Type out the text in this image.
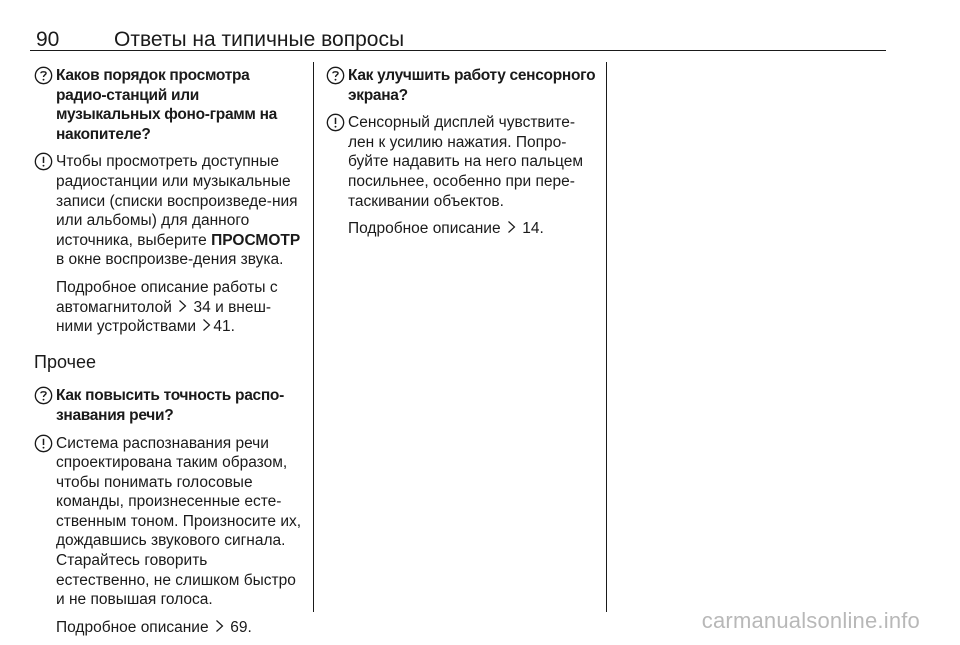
90	Ответы на типичные вопросы
Каков порядок просмотра радио-станций или музыкальных фоно-грамм на накопителе?
Чтобы просмотреть доступные радиостанции или музыкальные записи (списки воспроизведе-ния или альбомы) для данного источника, выберите ПРОСМОТР в окне воспроизве-дения звука.
Подробное описание работы с автомагнитолой 34 и внеш-ними устройствами 41.
Прочее
Как повысить точность распо-знавания речи?
Система распознавания речи спроектирована таким образом, чтобы понимать голосовые команды, произнесенные есте-ственным тоном. Произносите их, дождавшись звукового сигнала. Старайтесь говорить естественно, не слишком быстро и не повышая голоса.
Подробное описание 69.
Как улучшить работу сенсорного экрана?
Сенсорный дисплей чувствите-лен к усилию нажатия. Попро-буйте надавить на него пальцем посильнее, особенно при пере-таскивании объектов.
Подробное описание 14.
carmanualsonline.info
